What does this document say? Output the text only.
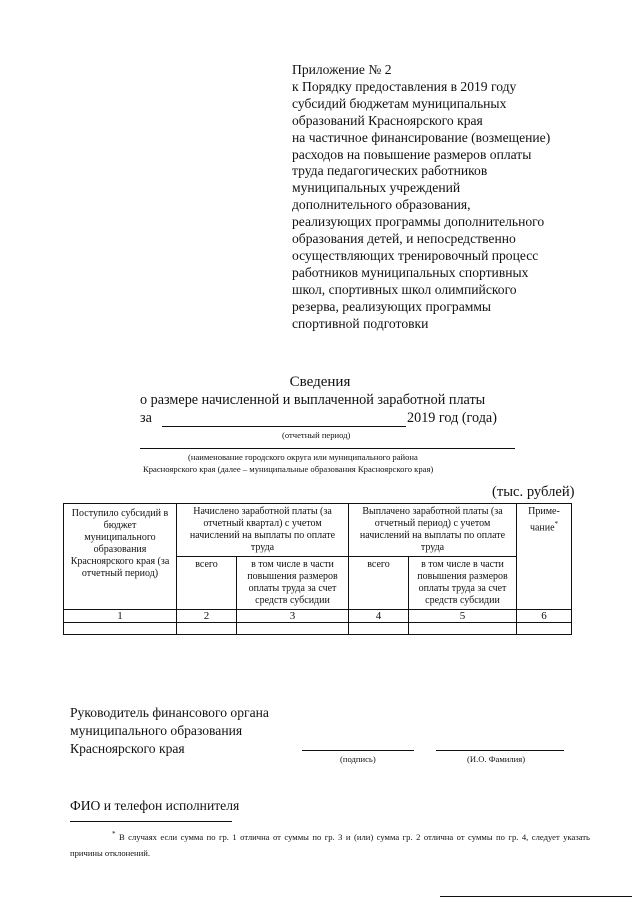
Приложение № 2
к Порядку предоставления в 2019 году
субсидий бюджетам муниципальных
образований Красноярского края
на частичное финансирование (возмещение)
расходов на повышение размеров оплаты
труда педагогических работников
муниципальных учреждений
дополнительного образования,
реализующих программы дополнительного
образования детей, и непосредственно
осуществляющих тренировочный процесс
работников муниципальных спортивных
школ, спортивных школ олимпийского
резерва, реализующих программы
спортивной подготовки
Сведения
о размере начисленной и выплаченной заработной платы
за	2019 год (года)
(отчетный период)
(наименование городского округа или муниципального района
Красноярского края (далее – муниципальные образования Красноярского края)
(тыс. рублей)
Поступило субсидий в бюджет муниципального образования Красноярского края (за отчетный период)	Начислено заработной платы (за отчетный квартал) с учетом начислений на выплаты по оплате труда		Выплачено заработной платы (за отчетный период) с учетом начислений на выплаты по оплате труда		Приме-чание*
	всего	в том числе в части повышения размеров оплаты труда за счет средств субсидии	всего	в том числе в части повышения размеров оплаты труда за счет средств субсидии	
1	2	3	4	5	6

Руководитель финансового органа
муниципального образования
Красноярского края
(подпись)	(И.О. Фамилия)
ФИО и телефон исполнителя
* В случаях если сумма по гр. 1 отлична от суммы по гр. 3 и (или) сумма гр. 2 отлична от суммы по гр. 4, следует указать причины отклонений.
